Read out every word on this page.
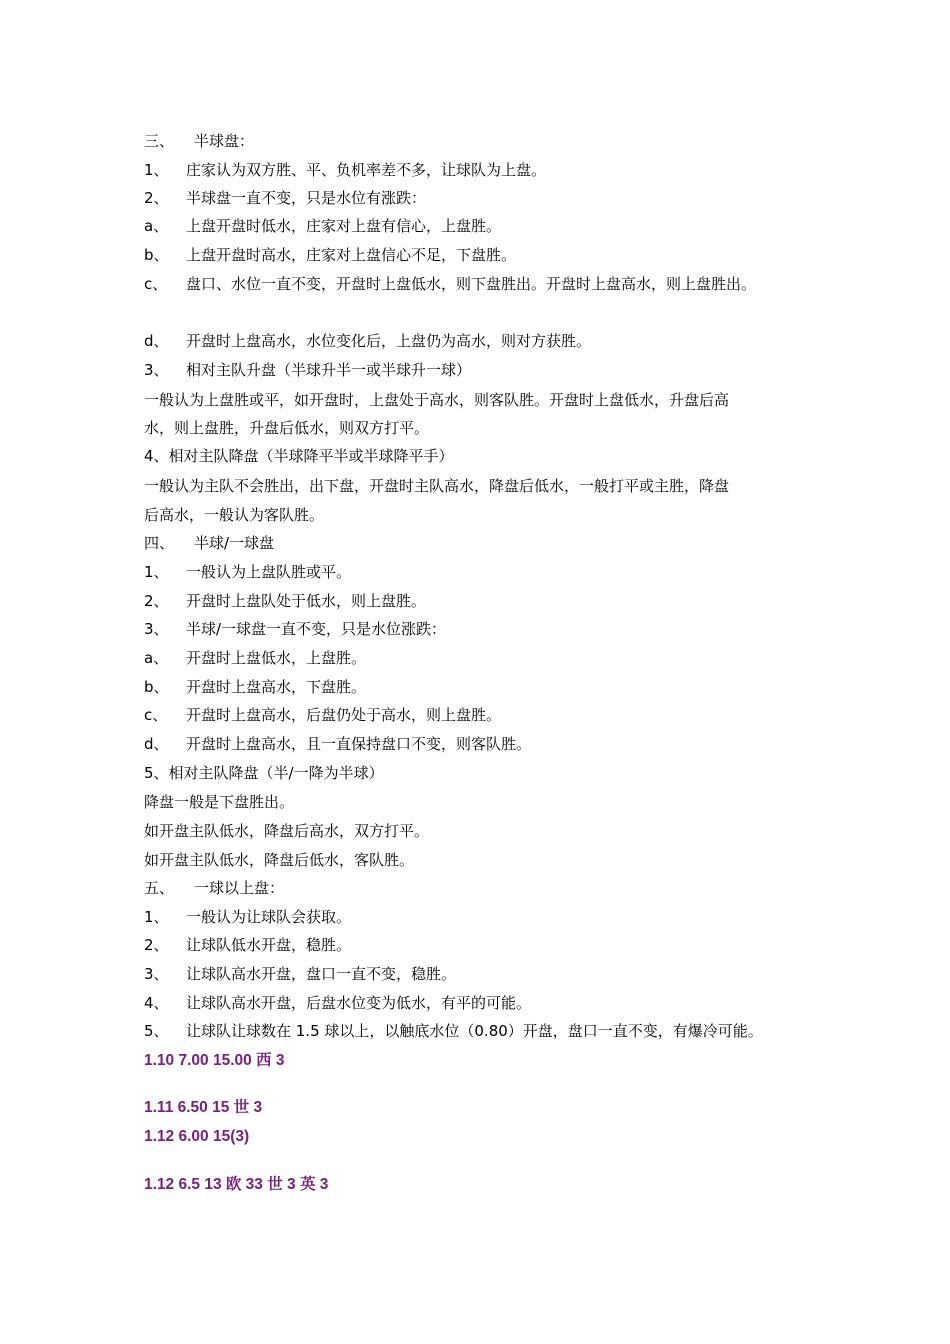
三、 半球盘：
1、 庄家认为双方胜、平、负机率差不多，让球队为上盘。
2、 半球盘一直不变，只是水位有涨跌：
a、 上盘开盘时低水，庄家对上盘有信心，上盘胜。
b、 上盘开盘时高水，庄家对上盘信心不足，下盘胜。
c、 盘口、水位一直不变，开盘时上盘低水，则下盘胜出。开盘时上盘高水，则上盘胜出。
d、 开盘时上盘高水，水位变化后，上盘仍为高水，则对方获胜。
3、 相对主队升盘（半球升半一或半球升一球）
一般认为上盘胜或平，如开盘时，上盘处于高水，则客队胜。开盘时上盘低水，升盘后高
水，则上盘胜，升盘后低水，则双方打平。
4、相对主队降盘（半球降平半或半球降平手）
一般认为主队不会胜出，出下盘，开盘时主队高水，降盘后低水，一般打平或主胜，降盘
后高水，一般认为客队胜。
四、 半球/一球盘
1、 一般认为上盘队胜或平。
2、 开盘时上盘队处于低水，则上盘胜。
3、 半球/一球盘一直不变，只是水位涨跌：
a、 开盘时上盘低水，上盘胜。
b、 开盘时上盘高水，下盘胜。
c、 开盘时上盘高水，后盘仍处于高水，则上盘胜。
d、 开盘时上盘高水，且一直保持盘口不变，则客队胜。
5、相对主队降盘（半/一降为半球）
降盘一般是下盘胜出。
如开盘主队低水，降盘后高水，双方打平。
如开盘主队低水，降盘后低水，客队胜。
五、 一球以上盘：
1、 一般认为让球队会获取。
2、 让球队低水开盘，稳胜。
3、 让球队高水开盘，盘口一直不变，稳胜。
4、 让球队高水开盘，后盘水位变为低水，有平的可能。
5、 让球队让球数在 1.5 球以上，以触底水位（0.80）开盘，盘口一直不变，有爆冷可能。
1.10 7.00 15.00 西 3
1.11 6.50 15 世 3
1.12 6.00 15(3)
1.12 6.5 13 欧 33 世 3 英 3
